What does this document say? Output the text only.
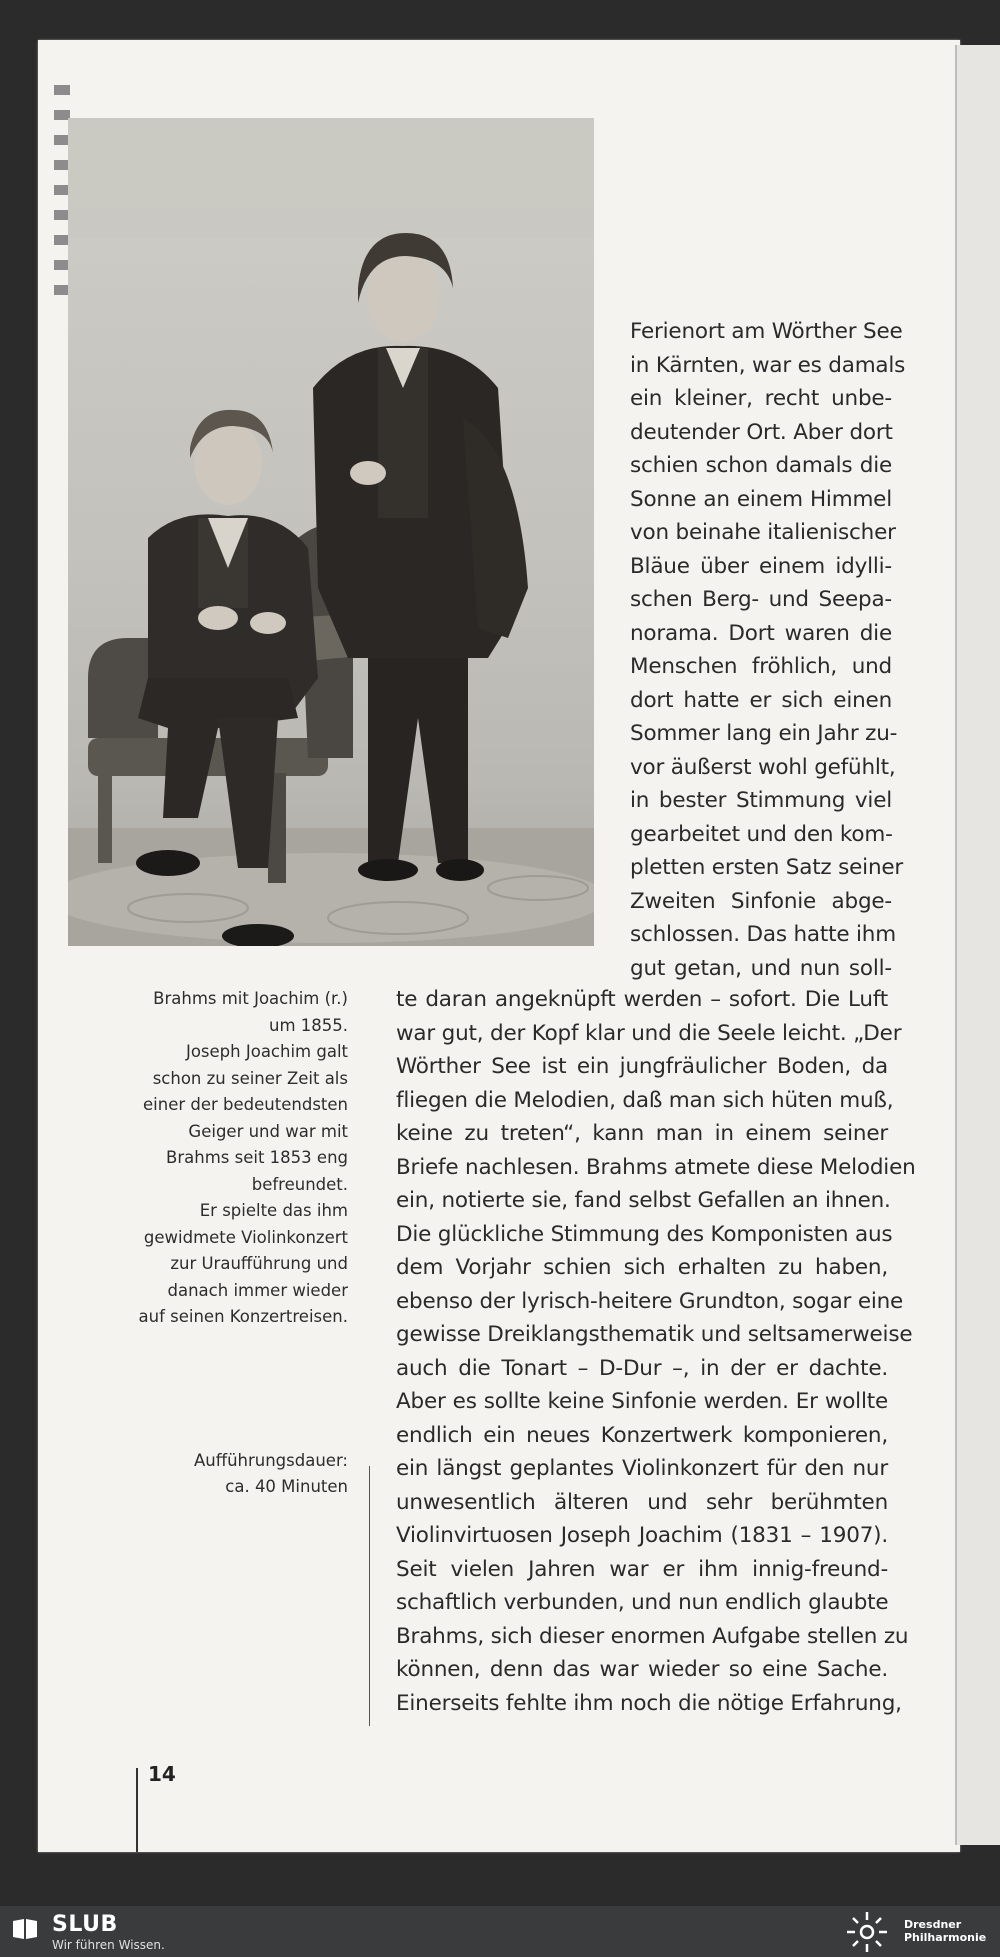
Ferienort am Wörther See
in Kärnten, war es damals
ein kleiner, recht unbe-
deutender Ort. Aber dort
schien schon damals die
Sonne an einem Himmel
von beinahe italienischer
Bläue über einem idylli-
schen Berg- und Seepa-
norama. Dort waren die
Menschen fröhlich, und
dort hatte er sich einen
Sommer lang ein Jahr zu-
vor äußerst wohl gefühlt,
in bester Stimmung viel
gearbeitet und den kom-
pletten ersten Satz seiner
Zweiten Sinfonie abge-
schlossen. Das hatte ihm
gut getan, und nun soll-
te daran angeknüpft werden – sofort. Die Luft
war gut, der Kopf klar und die Seele leicht. „Der
Wörther See ist ein jungfräulicher Boden, da
fliegen die Melodien, daß man sich hüten muß,
keine zu treten“, kann man in einem seiner
Briefe nachlesen. Brahms atmete diese Melodien
ein, notierte sie, fand selbst Gefallen an ihnen.
Die glückliche Stimmung des Komponisten aus
dem Vorjahr schien sich erhalten zu haben,
ebenso der lyrisch-heitere Grundton, sogar eine
gewisse Dreiklangsthematik und seltsamerweise
auch die Tonart – D-Dur –, in der er dachte.
Aber es sollte keine Sinfonie werden. Er wollte
endlich ein neues Konzertwerk komponieren,
ein längst geplantes Violinkonzert für den nur
unwesentlich älteren und sehr berühmten
Violinvirtuosen Joseph Joachim (1831 – 1907).
Seit vielen Jahren war er ihm innig-freund-
schaftlich verbunden, und nun endlich glaubte
Brahms, sich dieser enormen Aufgabe stellen zu
können, denn das war wieder so eine Sache.
Einerseits fehlte ihm noch die nötige Erfahrung,
Brahms mit Joachim (r.)
um 1855.
Joseph Joachim galt
schon zu seiner Zeit als
einer der bedeutendsten
Geiger und war mit
Brahms seit 1853 eng
befreundet.
Er spielte das ihm
gewidmete Violinkonzert
zur Uraufführung und
danach immer wieder
auf seinen Konzertreisen.
Aufführungsdauer:
ca. 40 Minuten
14
SLUB
Wir führen Wissen.
Dresdner
Philharmonie
